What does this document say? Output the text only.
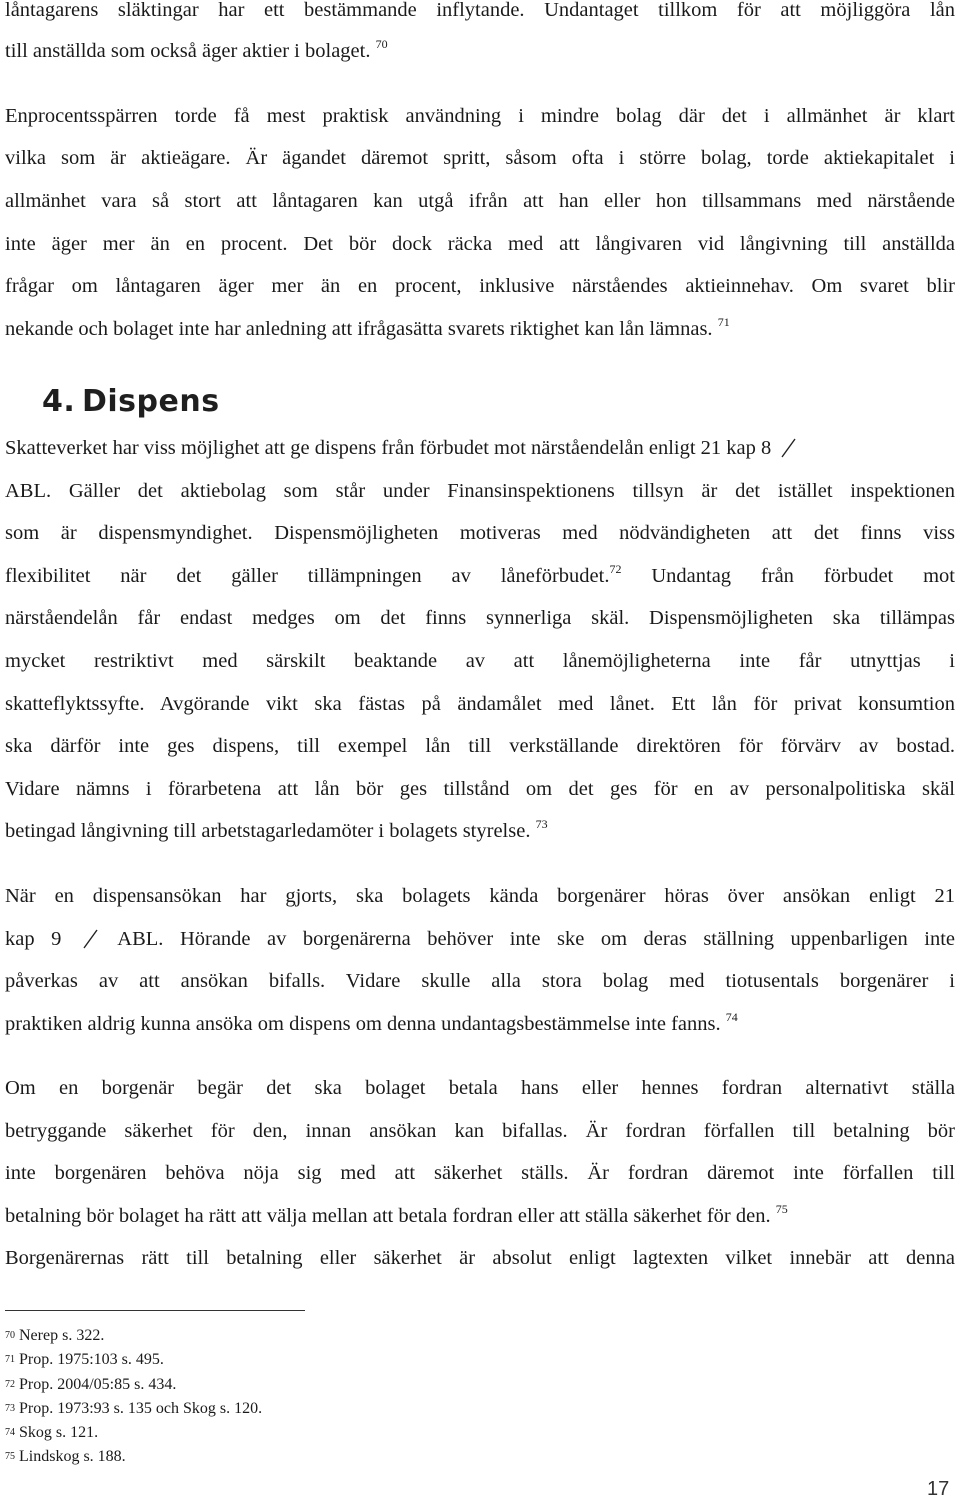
låntagarens släktingar har ett bestämmande inflytande. Undantaget tillkom för att möjliggöra lån
till anställda som också äger aktier i bolaget. $^{70}$
Enprocentsspärren torde få mest praktisk användning i mindre bolag där det i allmänhet är klart
vilka som är aktieägare. Är ägandet däremot spritt, såsom ofta i större bolag, torde aktiekapitalet i
allmänhet vara så stort att låntagaren kan utgå ifrån att han eller hon tillsammans med närstående
inte äger mer än en procent. Det bör dock räcka med att långivaren vid långivning till anställda
frågar om låntagaren äger mer än en procent, inklusive närståendes aktieinnehav. Om svaret blir
nekande och bolaget inte har anledning att ifrågasätta svarets riktighet kan lån lämnas. $^{71}$
4. Dispens
Skatteverket har viss möjlighet att ge dispens från förbudet mot närståendelån enligt 21 kap 8
ABL. Gäller det aktiebolag som står under Finansinspektionens tillsyn är det istället inspektionen
som är dispensmyndighet. Dispensmöjligheten motiveras med nödvändigheten att det finns viss
flexibilitet när det gäller tillämpningen av låneförbudet.$^{72}$ Undantag från förbudet mot
närståendelån får endast medges om det finns synnerliga skäl. Dispensmöjligheten ska tillämpas
mycket restriktivt med särskilt beaktande av att lånemöjligheterna inte får utnyttjas i
skatteflyktssyfte. Avgörande vikt ska fästas på ändamålet med lånet. Ett lån för privat konsumtion
ska därför inte ges dispens, till exempel lån till verkställande direktören för förvärv av bostad.
Vidare nämns i förarbetena att lån bör ges tillstånd om det ges för en av personalpolitiska skäl
betingad långivning till arbetstagarledamöter i bolagets styrelse. $^{73}$
När en dispensansökan har gjorts, ska bolagets kända borgenärer höras över ansökan enligt 21
kap 9	ABL. Hörande av borgenärerna behöver inte ske om deras ställning uppenbarligen inte
påverkas av att ansökan bifalls. Vidare skulle alla stora bolag med tiotusentals borgenärer i
praktiken aldrig kunna ansöka om dispens om denna undantagsbestämmelse inte fanns. $^{74}$
Om en borgenär begär det ska bolaget betala hans eller hennes fordran alternativt ställa
betryggande säkerhet för den, innan ansökan kan bifallas. Är fordran förfallen till betalning bör
inte borgenären behöva nöja sig med att säkerhet ställs. Är fordran däremot inte förfallen till
betalning bör bolaget ha rätt att välja mellan att betala fordran eller att ställa säkerhet för den. $^{75}$
Borgenärernas rätt till betalning eller säkerhet är absolut enligt lagtexten vilket innebär att denna
$^{70}$ Nerep s. 322.
$^{71}$ Prop. 1975:103 s. 495.
$^{72}$ Prop. 2004/05:85 s. 434.
$^{73}$ Prop. 1973:93 s. 135 och Skog s. 120.
$^{74}$ Skog s. 121.
$^{75}$ Lindskog s. 188.
17
